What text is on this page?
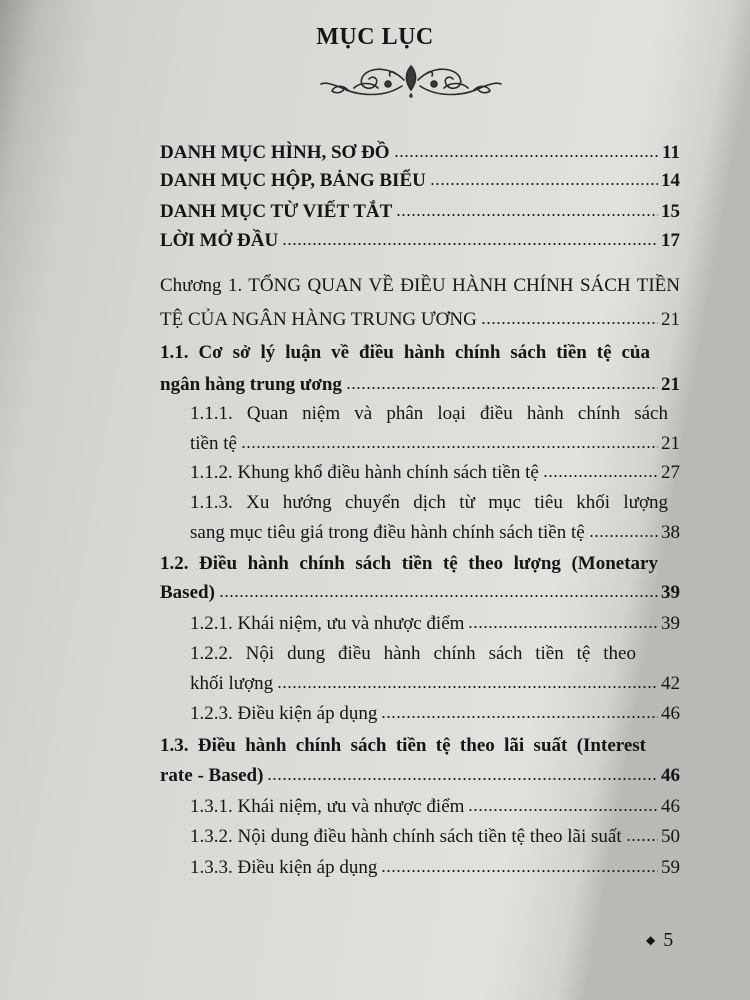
MỤC LỤC
DANH MỤC HÌNH, SƠ ĐỒ	11
DANH MỤC HỘP, BẢNG BIỂU	14
DANH MỤC TỪ VIẾT TẮT	15
LỜI MỞ ĐẦU	17
Chương 1. TỔNG QUAN VỀ ĐIỀU HÀNH CHÍNH SÁCH TIỀN
TỆ CỦA NGÂN HÀNG TRUNG ƯƠNG	21
1.1. Cơ sở lý luận về điều hành chính sách tiền tệ của
ngân hàng trung ương	21
1.1.1. Quan niệm và phân loại điều hành chính sách
tiền tệ	21
1.1.2. Khung khổ điều hành chính sách tiền tệ	27
1.1.3. Xu hướng chuyển dịch từ mục tiêu khối lượng
sang mục tiêu giá trong điều hành chính sách tiền tệ	38
1.2. Điều hành chính sách tiền tệ theo lượng (Monetary
Based)	39
1.2.1. Khái niệm, ưu và nhược điểm	39
1.2.2. Nội dung điều hành chính sách tiền tệ theo
khối lượng	42
1.2.3. Điều kiện áp dụng	46
1.3. Điều hành chính sách tiền tệ theo lãi suất (Interest
rate - Based)	46
1.3.1. Khái niệm, ưu và nhược điểm	46
1.3.2. Nội dung điều hành chính sách tiền tệ theo lãi suất 50
1.3.3. Điều kiện áp dụng	59
◆ 5
